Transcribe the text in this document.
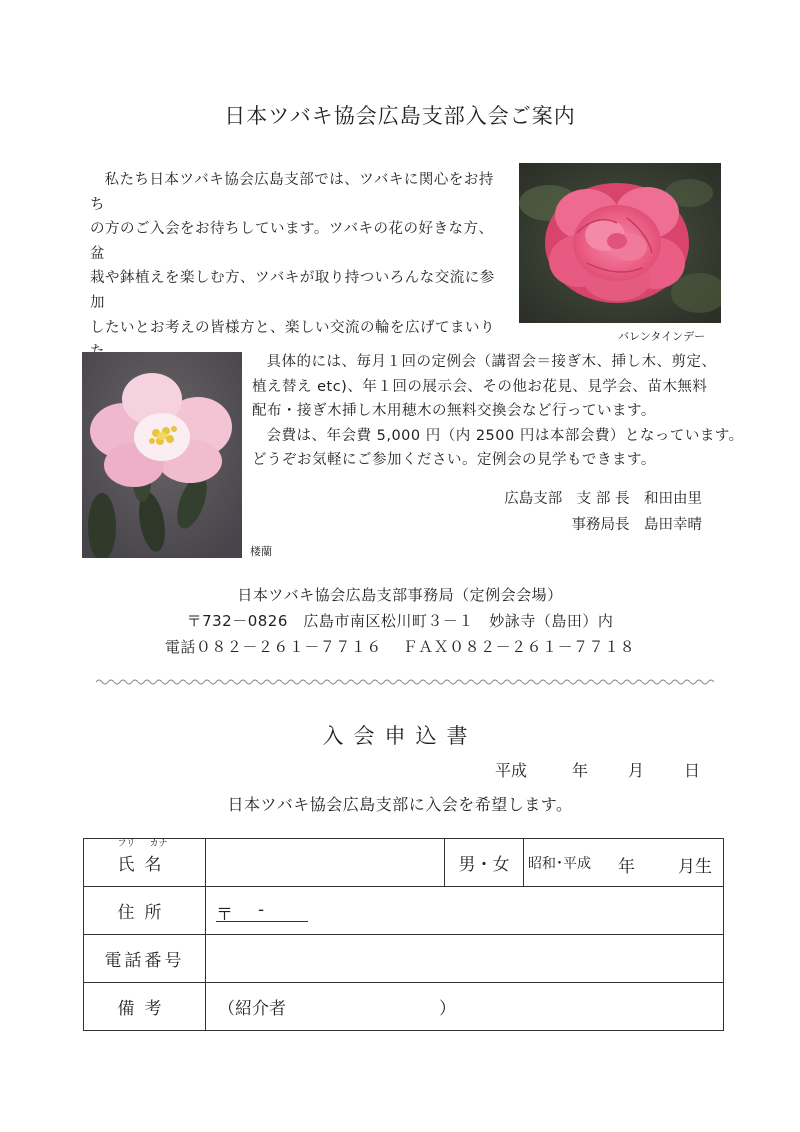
日本ツバキ協会広島支部入会ご案内
私たち日本ツバキ協会広島支部では、ツバキに関心をお持ち
の方のご入会をお待ちしています。ツバキの花の好きな方、盆
栽や鉢植えを楽しむ方、ツバキが取り持ついろんな交流に参加
したいとお考えの皆様方と、楽しい交流の輪を広げてまいり
バレンタインデー
楼蘭
具体的には、毎月１回の定例会（講習会＝接ぎ木、挿し木、剪定、
植え替え etc)、年１回の展示会、その他お花見、見学会、苗木無料
配布・接ぎ木挿し木用穂木の無料交換会など行っています。
会費は、年会費 5,000 円（内 2500 円は本部会費）となっています。
どうぞお気軽にご参加ください。定例会の見学もできます。
広島支部　支 部 長　和田由里
事務局長　島田幸晴
日本ツバキ協会広島支部事務局（定例会会場）
〒732－0826　広島市南区松川町３－１　妙詠寺（島田）内
電話０８２－２６１－７７１６　 ＦＡＸ０８２－２６１－７７１８
入会申込書
平成	年 月 日
日本ツバキ協会広島支部に入会を希望します。
フリ カナ
氏名		男・女	昭和･平成 年 月生

住所	〒 -		

電話番号			
備考	（紹介者　　　　　　　　　）		
